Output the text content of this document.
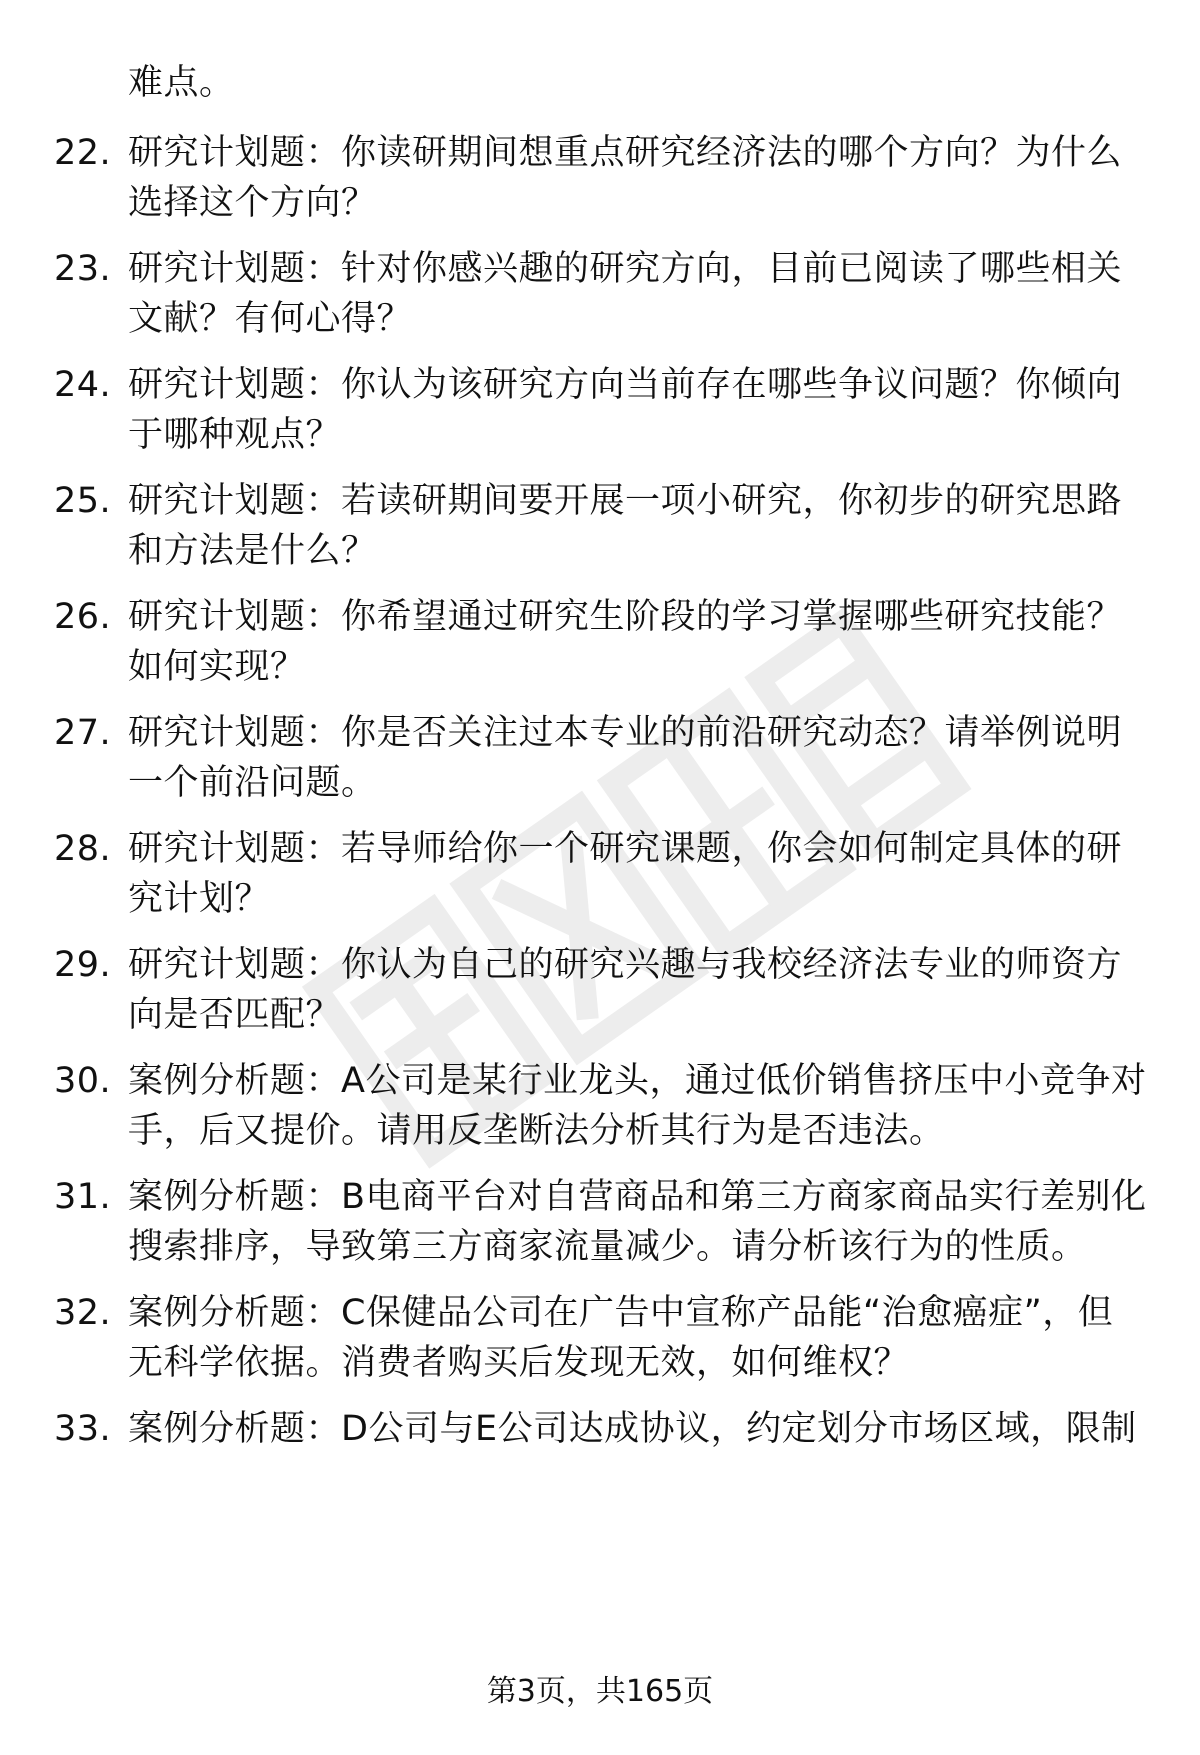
难点。
22. 研究计划题：你读研期间想重点研究经济法的哪个方向？为什么选择这个方向？
23. 研究计划题：针对你感兴趣的研究方向，目前已阅读了哪些相关文献？有何心得？
24. 研究计划题：你认为该研究方向当前存在哪些争议问题？你倾向于哪种观点？
25. 研究计划题：若读研期间要开展一项小研究，你初步的研究思路和方法是什么？
26. 研究计划题：你希望通过研究生阶段的学习掌握哪些研究技能？如何实现？
27. 研究计划题：你是否关注过本专业的前沿研究动态？请举例说明一个前沿问题。
28. 研究计划题：若导师给你一个研究课题，你会如何制定具体的研究计划？
29. 研究计划题：你认为自己的研究兴趣与我校经济法专业的师资方向是否匹配？
30. 案例分析题：A公司是某行业龙头，通过低价销售挤压中小竞争对手，后又提价。请用反垄断法分析其行为是否违法。
31. 案例分析题：B电商平台对自营商品和第三方商家商品实行差别化搜索排序，导致第三方商家流量减少。请分析该行为的性质。
32. 案例分析题：C保健品公司在广告中宣称产品能“治愈癌症”，但无科学依据。消费者购买后发现无效，如何维权？
33. 案例分析题：D公司与E公司达成协议，约定划分市场区域，限制
第3页，共165页
